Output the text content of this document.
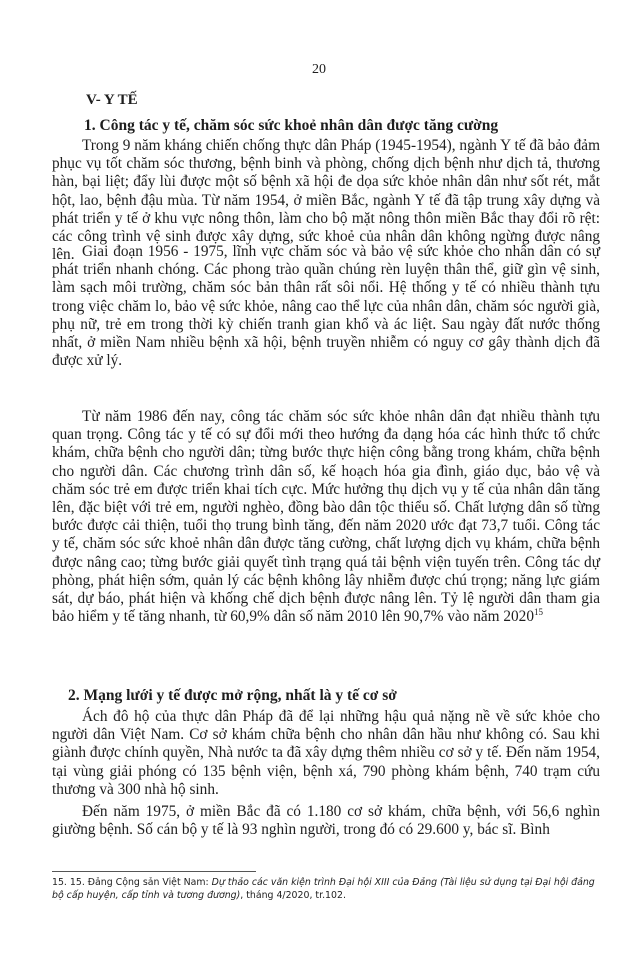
20
V- Y TẾ
1. Công tác y tế, chăm sóc sức khoẻ nhân dân được tăng cường

Trong 9 năm kháng chiến chống thực dân Pháp (1945-1954), ngành Y tế đã bảo đảm phục vụ tốt chăm sóc thương, bệnh binh và phòng, chống dịch bệnh như dịch tả, thương hàn, bại liệt; đẩy lùi được một số bệnh xã hội đe dọa sức khỏe nhân dân như sốt rét, mắt hột, lao, bệnh đậu mùa. Từ năm 1954, ở miền Bắc, ngành Y tế đã tập trung xây dựng và phát triển y tế ở khu vực nông thôn, làm cho bộ mặt nông thôn miền Bắc thay đổi rõ rệt: các công trình vệ sinh được xây dựng, sức khoẻ của nhân dân không ngừng được nâng lên. Giai đoạn 1956 - 1975, lĩnh vực chăm sóc và bảo vệ sức khỏe cho nhân dân có sự phát triển nhanh chóng. Các phong trào quần chúng rèn luyện thân thể, giữ gìn vệ sinh, làm sạch môi trường, chăm sóc bản thân rất sôi nổi. Hệ thống y tế có nhiều thành tựu trong việc chăm lo, bảo vệ sức khỏe, nâng cao thể lực của nhân dân, chăm sóc người già, phụ nữ, trẻ em trong thời kỳ chiến tranh gian khổ và ác liệt. Sau ngày đất nước thống nhất, ở miền Nam nhiều bệnh xã hội, bệnh truyền nhiễm có nguy cơ gây thành dịch đã được xử lý.

Từ năm 1986 đến nay, công tác chăm sóc sức khỏe nhân dân đạt nhiều thành tựu quan trọng. Công tác y tế có sự đổi mới theo hướng đa dạng hóa các hình thức tổ chức khám, chữa bệnh cho người dân; từng bước thực hiện công bằng trong khám, chữa bệnh cho người dân. Các chương trình dân số, kế hoạch hóa gia đình, giáo dục, bảo vệ và chăm sóc trẻ em được triển khai tích cực. Mức hưởng thụ dịch vụ y tế của nhân dân tăng lên, đặc biệt với trẻ em, người nghèo, đồng bào dân tộc thiểu số. Chất lượng dân số từng bước được cải thiện, tuổi thọ trung bình tăng, đến năm 2020 ước đạt 73,7 tuổi. Công tác y tế, chăm sóc sức khoẻ nhân dân được tăng cường, chất lượng dịch vụ khám, chữa bệnh được nâng cao; từng bước giải quyết tình trạng quá tải bệnh viện tuyến trên. Công tác dự phòng, phát hiện sớm, quản lý các bệnh không lây nhiễm được chú trọng; năng lực giám sát, dự báo, phát hiện và khống chế dịch bệnh được nâng lên. Tỷ lệ người dân tham gia bảo hiểm y tế tăng nhanh, từ 60,9% dân số năm 2010 lên 90,7% vào năm 2020$^{15}$

2. Mạng lưới y tế được mở rộng, nhất là y tế cơ sở

Ách đô hộ của thực dân Pháp đã để lại những hậu quả nặng nề về sức khỏe cho người dân Việt Nam. Cơ sở khám chữa bệnh cho nhân dân hầu như không có. Sau khi giành được chính quyền, Nhà nước ta đã xây dựng thêm nhiều cơ sở y tế. Đến năm 1954, tại vùng giải phóng có 135 bệnh viện, bệnh xá, 790 phòng khám bệnh, 740 trạm cứu thương và 300 nhà hộ sinh.

Đến năm 1975, ở miền Bắc đã có 1.180 cơ sở khám, chữa bệnh, với 56,6 nghìn giường bệnh. Số cán bộ y tế là 93 nghìn người, trong đó có 29.600 y, bác sĩ. Bình

15. 15. Đảng Cộng sản Việt Nam: Dự thảo các văn kiện trình Đại hội XIII của Đảng (Tài liệu sử dụng tại Đại hội đảng bộ cấp huyện, cấp tỉnh và tương đương), tháng 4/2020, tr.102.
